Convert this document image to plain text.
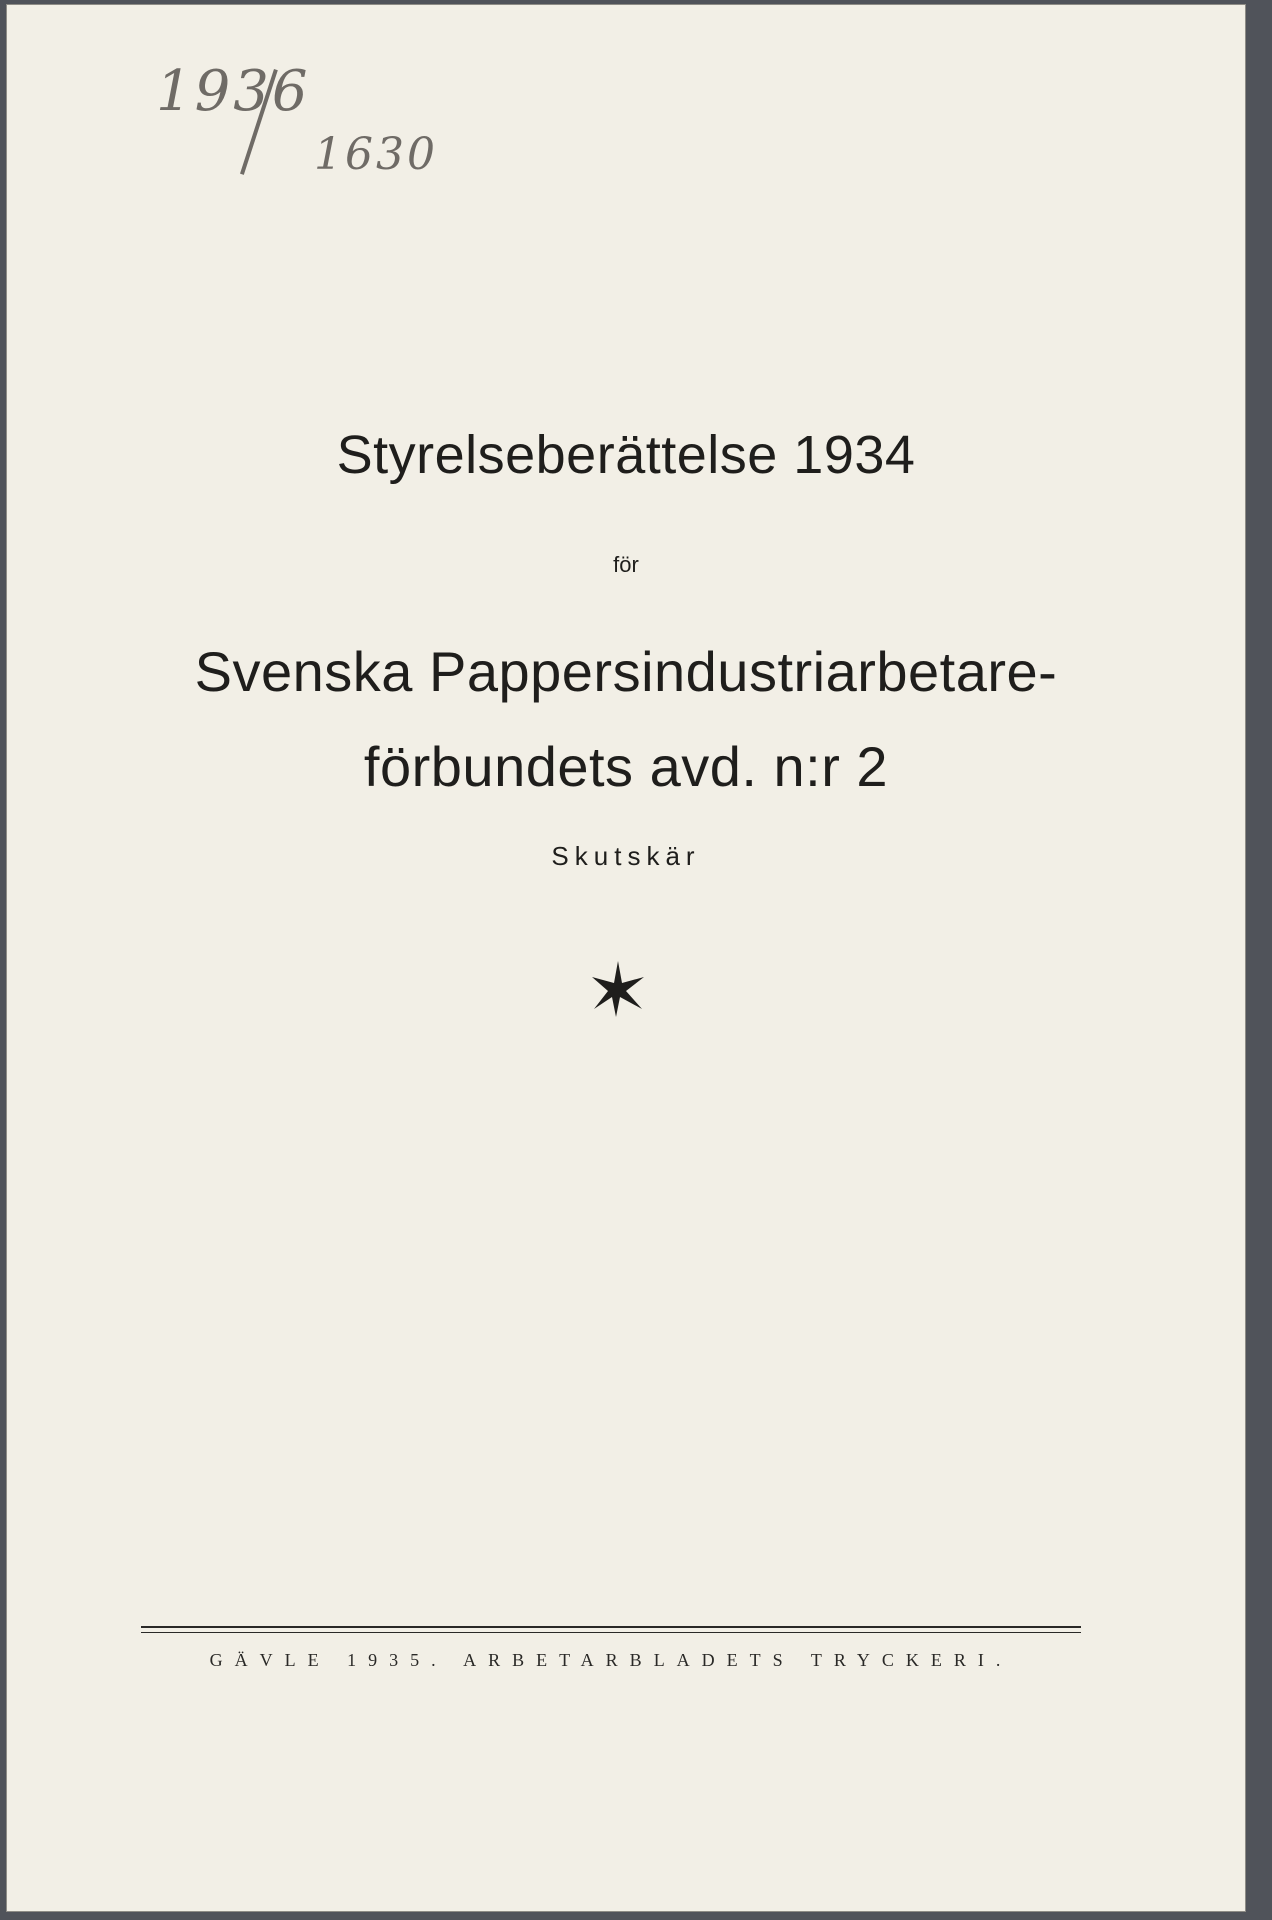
1936
1630
Styrelseberättelse 1934
för
Svenska Pappersindustriarbetare-
förbundets avd. n:r 2
Skutskär
GÄVLE 1935. ARBETARBLADETS TRYCKERI.
